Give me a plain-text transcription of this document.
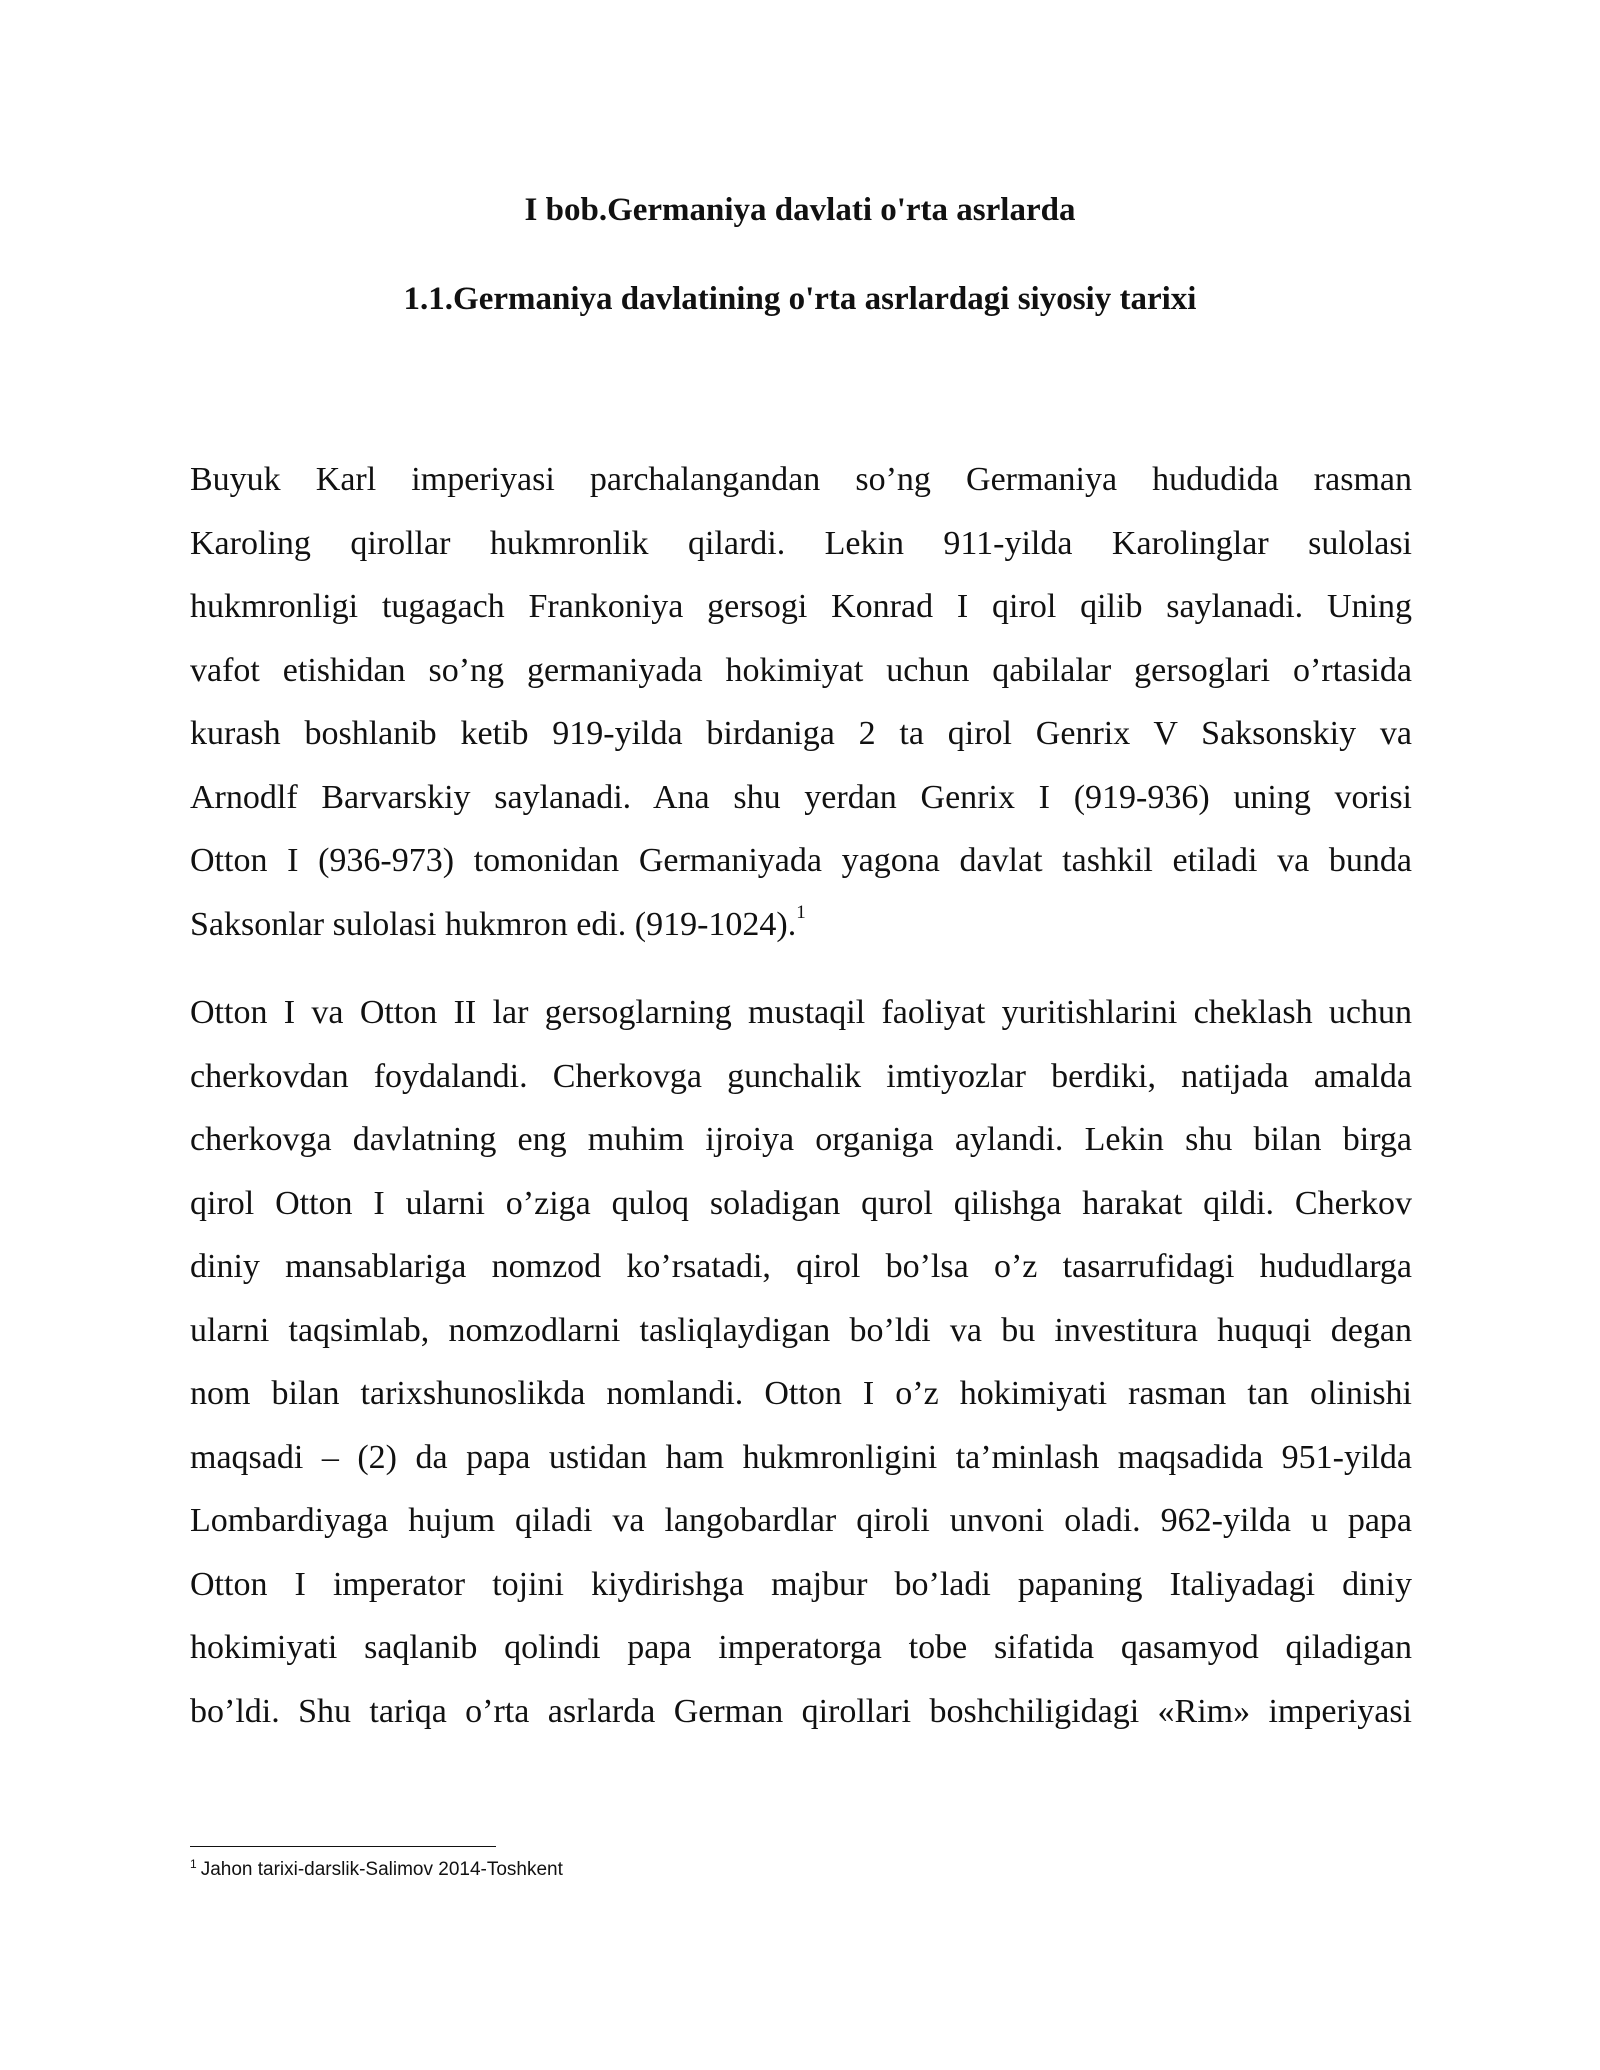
I bob.Germaniya davlati o'rta asrlarda
1.1.Germaniya davlatining o'rta asrlardagi siyosiy tarixi
Buyuk Karl imperiyasi parchalangandan so’ng Germaniya hududida rasman
Karoling qirollar hukmronlik qilardi. Lekin 911-yilda Karolinglar sulolasi
hukmronligi tugagach Frankoniya gersogi Konrad I qirol qilib saylanadi. Uning
vafot etishidan so’ng germaniyada hokimiyat uchun qabilalar gersoglari o’rtasida
kurash boshlanib ketib 919-yilda birdaniga 2 ta qirol Genrix V Saksonskiy va
Arnodlf Barvarskiy saylanadi. Ana shu yerdan Genrix I (919-936) uning vorisi
Otton I (936-973) tomonidan Germaniyada yagona davlat tashkil etiladi va bunda
Saksonlar sulolasi hukmron edi. (919-1024).$^1$
Otton I va Otton II lar gersoglarning mustaqil faoliyat yuritishlarini cheklash uchun
cherkovdan foydalandi. Cherkovga gunchalik imtiyozlar berdiki, natijada amalda
cherkovga davlatning eng muhim ijroiya organiga aylandi. Lekin shu bilan birga
qirol Otton I ularni o’ziga quloq soladigan qurol qilishga harakat qildi. Cherkov
diniy mansablariga nomzod ko’rsatadi, qirol bo’lsa o’z tasarrufidagi hududlarga
ularni taqsimlab, nomzodlarni tasliqlaydigan bo’ldi va bu investitura huquqi degan
nom bilan tarixshunoslikda nomlandi. Otton I o’z hokimiyati rasman tan olinishi
maqsadi – (2) da papa ustidan ham hukmronligini ta’minlash maqsadida 951-yilda
Lombardiyaga hujum qiladi va langobardlar qiroli unvoni oladi. 962-yilda u papa
Otton I imperator tojini kiydirishga majbur bo’ladi papaning Italiyadagi diniy
hokimiyati saqlanib qolindi papa imperatorga tobe sifatida qasamyod qiladigan
bo’ldi. Shu tariqa o’rta asrlarda German qirollari boshchiligidagi «Rim» imperiyasi
$^1$ Jahon tarixi-darslik-Salimov 2014-Toshkent
